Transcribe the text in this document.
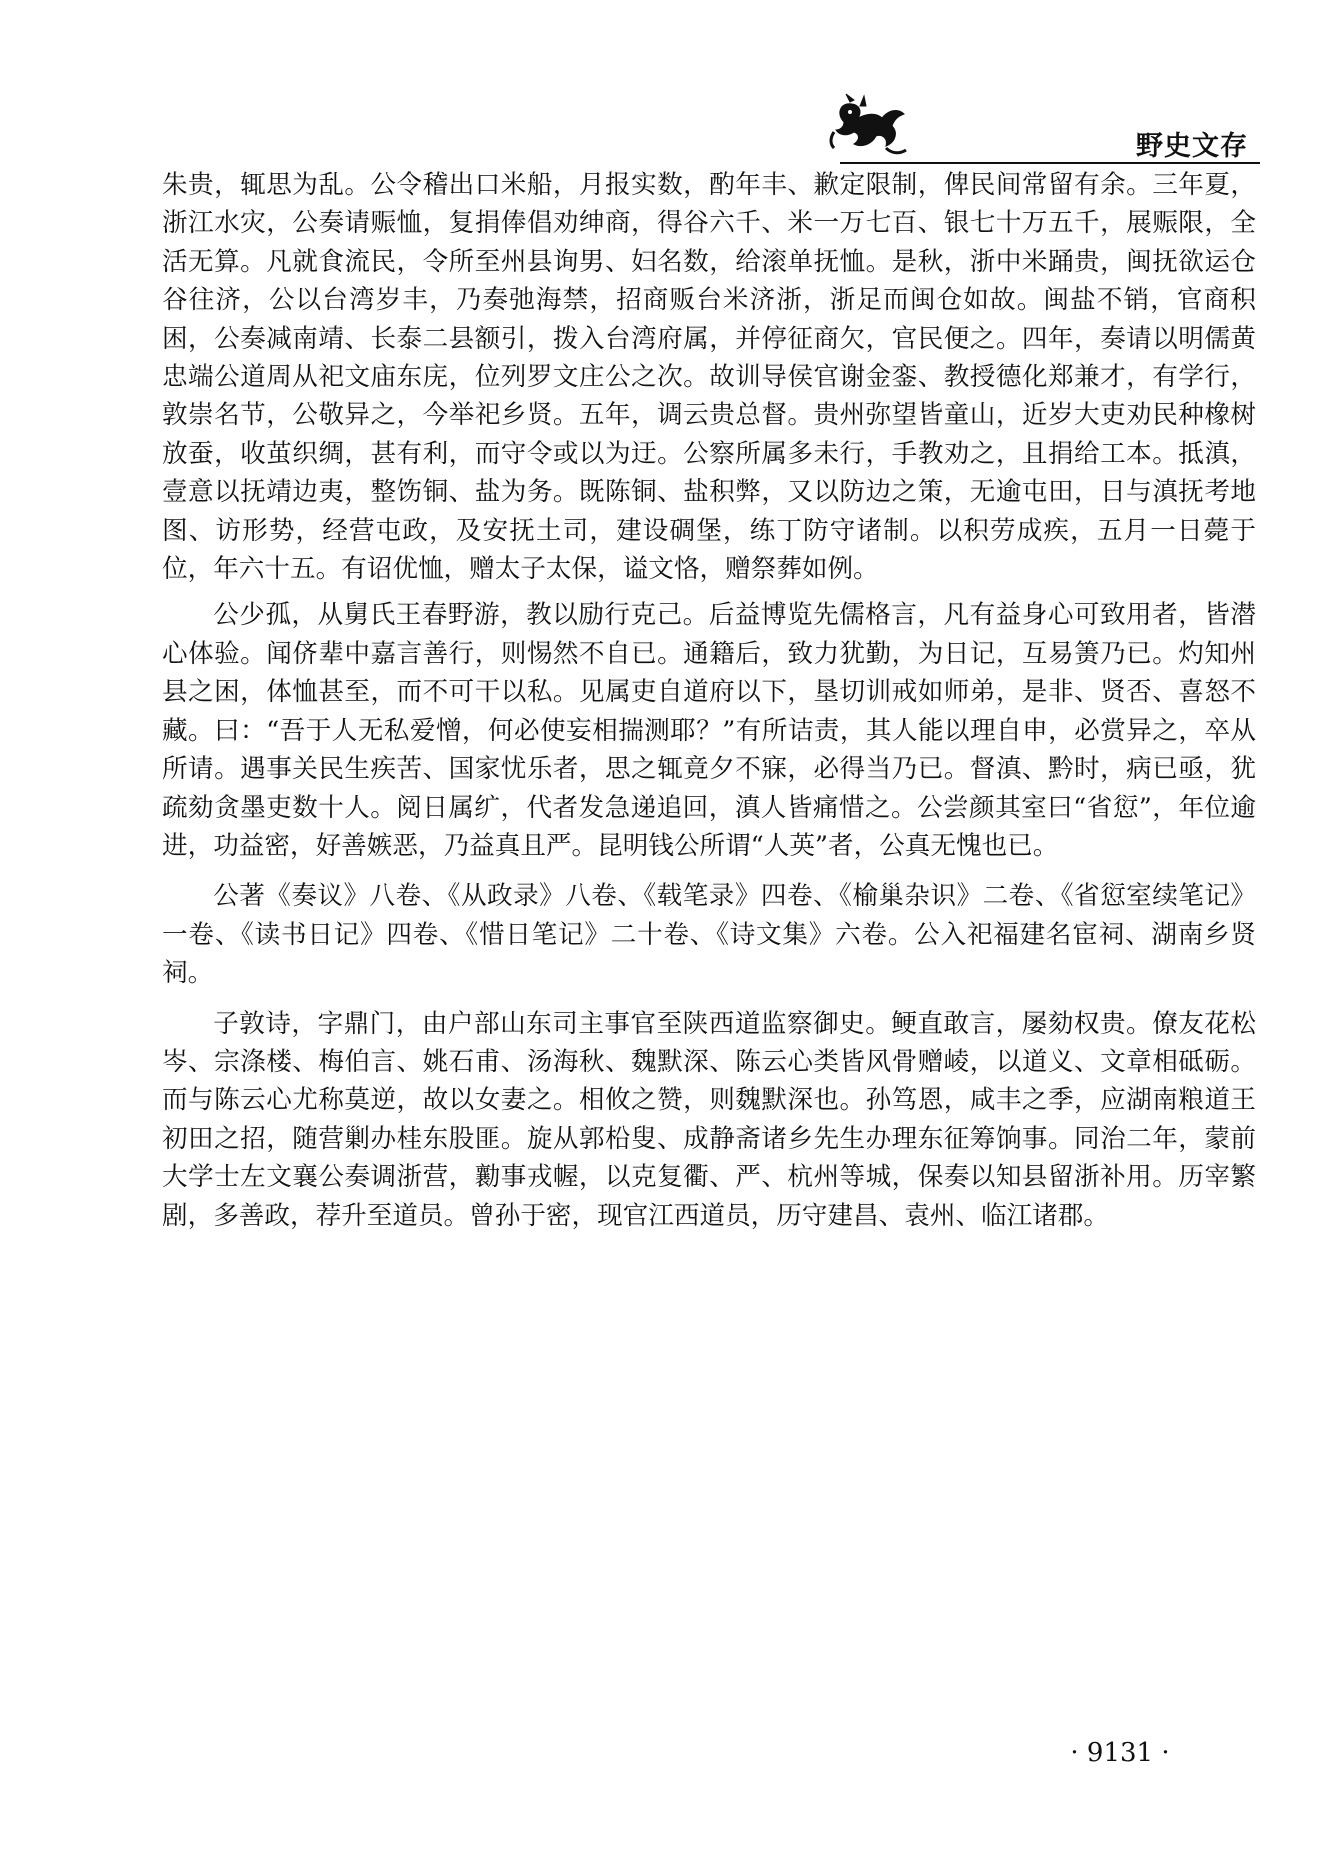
野史文存

朱贵，辄思为乱。公令稽出口米船，月报实数，酌年丰、歉定限制，俾民间常留有余。三年夏，浙江水灾，公奏请赈恤，复捐俸倡劝绅商，得谷六千、米一万七百、银七十万五千，展赈限，全活无算。凡就食流民，令所至州县询男、妇名数，给滚单抚恤。是秋，浙中米踊贵，闽抚欲运仓谷往济，公以台湾岁丰，乃奏弛海禁，招商贩台米济浙，浙足而闽仓如故。闽盐不销，官商积困，公奏减南靖、长泰二县额引，拨入台湾府属，并停征商欠，官民便之。四年，奏请以明儒黄忠端公道周从祀文庙东庑，位列罗文庄公之次。故训导侯官谢金銮、教授德化郑兼才，有学行，敦崇名节，公敬异之，今举祀乡贤。五年，调云贵总督。贵州弥望皆童山，近岁大吏劝民种橡树放蚕，收茧织绸，甚有利，而守令或以为迂。公察所属多未行，手教劝之，且捐给工本。抵滇，壹意以抚靖边夷，整饬铜、盐为务。既陈铜、盐积弊，又以防边之策，无逾屯田，日与滇抚考地图、访形势，经营屯政，及安抚土司，建设碉堡，练丁防守诸制。以积劳成疾，五月一日薨于位，年六十五。有诏优恤，赠太子太保，谥文恪，赠祭葬如例。

公少孤，从舅氏王春野游，教以励行克己。后益博览先儒格言，凡有益身心可致用者，皆潜心体验。闻侪辈中嘉言善行，则惕然不自已。通籍后，致力犹勤，为日记，互易箦乃已。灼知州县之困，体恤甚至，而不可干以私。见属吏自道府以下，垦切训戒如师弟，是非、贤否、喜怒不藏。曰：“吾于人无私爱憎，何必使妄相揣测耶？”有所诘责，其人能以理自申，必赏异之，卒从所请。遇事关民生疾苦、国家忧乐者，思之辄竟夕不寐，必得当乃已。督滇、黔时，病已亟，犹疏劾贪墨吏数十人。阅日属纩，代者发急递追回，滇人皆痛惜之。公尝颜其室曰“省愆”，年位逾进，功益密，好善嫉恶，乃益真且严。昆明钱公所谓“人英”者，公真无愧也已。

公著《奏议》八卷、《从政录》八卷、《载笔录》四卷、《榆巢杂识》二卷、《省愆室续笔记》一卷、《读书日记》四卷、《惜日笔记》二十卷、《诗文集》六卷。公入祀福建名宦祠、湖南乡贤祠。

子敦诗，字鼎门，由户部山东司主事官至陕西道监察御史。鲠直敢言，屡劾权贵。僚友花松岑、宗涤楼、梅伯言、姚石甫、汤海秋、魏默深、陈云心类皆风骨赠崚，以道义、文章相砥砺。而与陈云心尤称莫逆，故以女妻之。相攸之赞，则魏默深也。孙笃恩，咸丰之季，应湖南粮道王初田之招，随营剿办桂东股匪。旋从郭柗叟、成静斋诸乡先生办理东征筹饷事。同治二年，蒙前大学士左文襄公奏调浙营，勷事戎幄，以克复衢、严、杭州等城，保奏以知县留浙补用。历宰繁剧，多善政，荐升至道员。曾孙于密，现官江西道员，历守建昌、袁州、临江诸郡。

· 9131 ·
